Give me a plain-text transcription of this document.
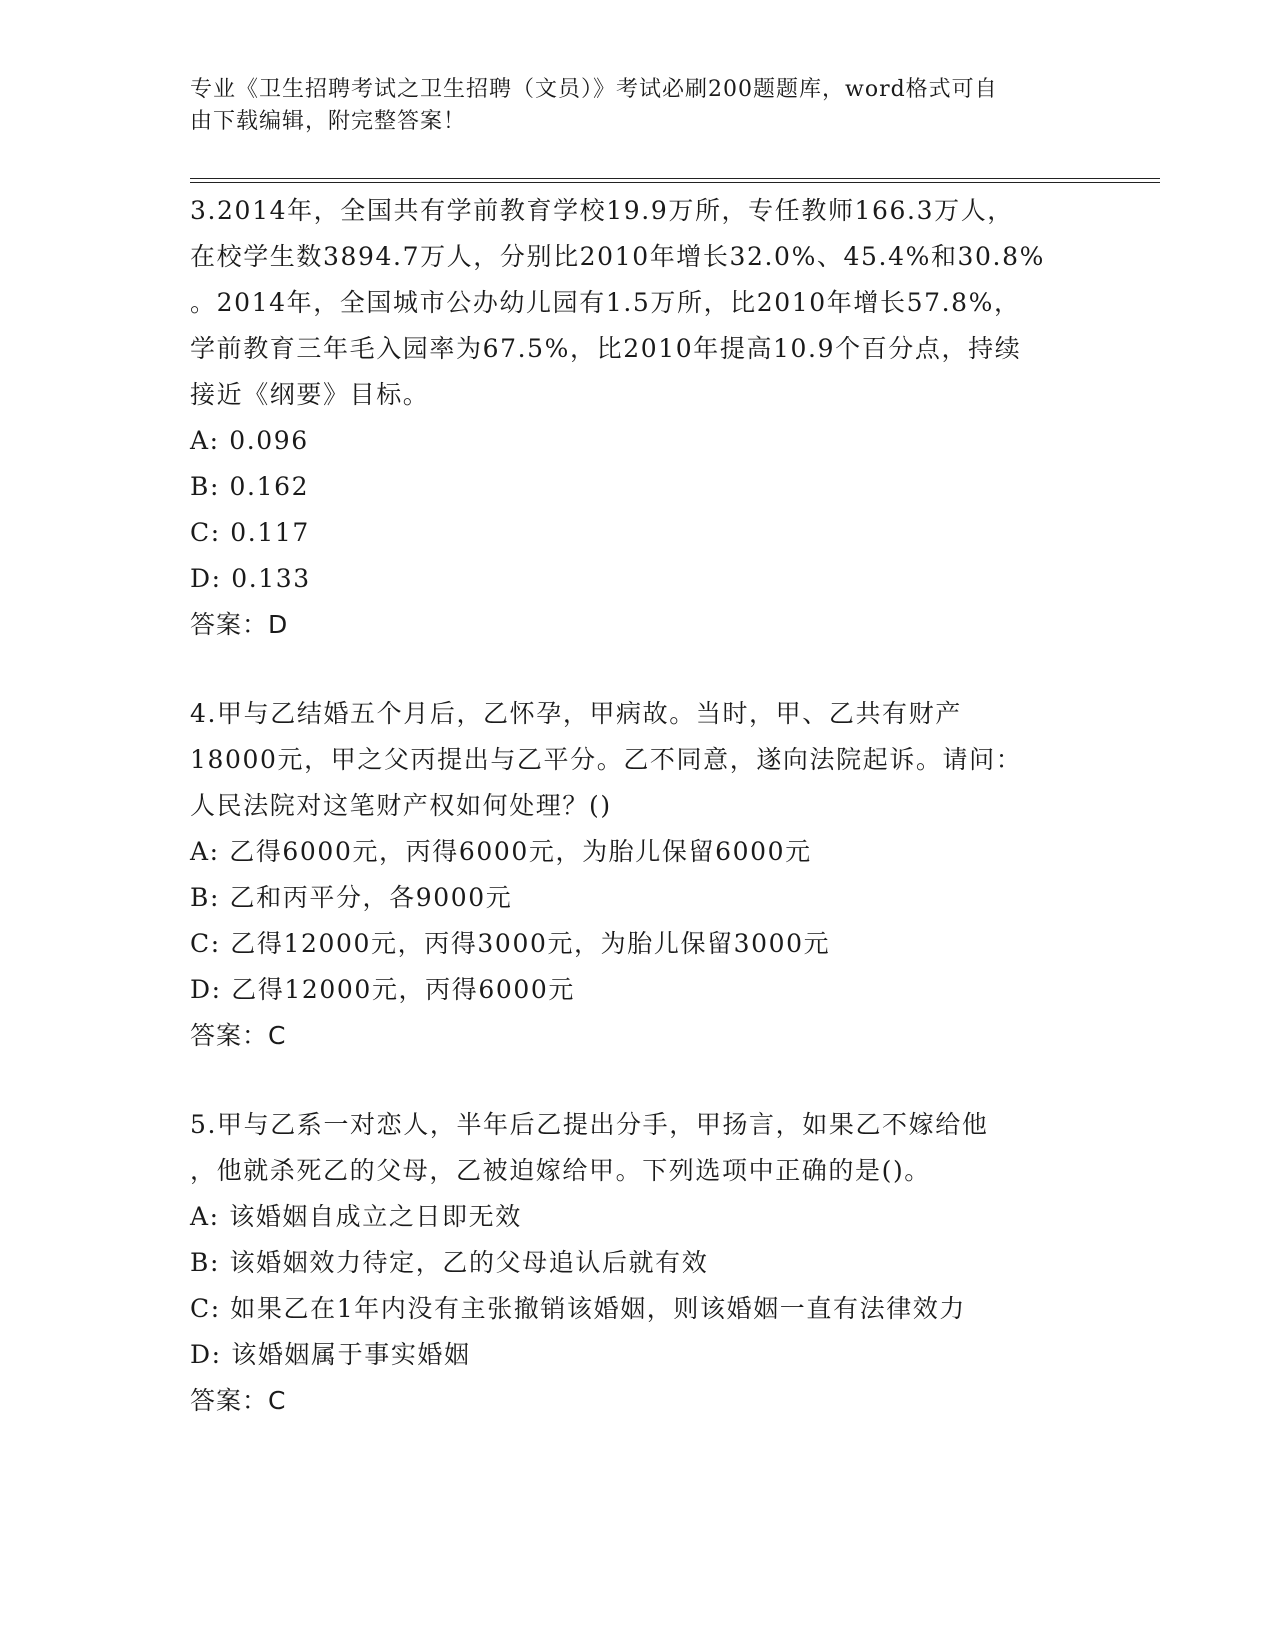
专业《卫生招聘考试之卫生招聘（文员）》考试必刷200题题库，word格式可自
由下载编辑，附完整答案！
3.2014年，全国共有学前教育学校19.9万所，专任教师166.3万人，
在校学生数3894.7万人，分别比2010年增长32.0%、45.4%和30.8%
。2014年，全国城市公办幼儿园有1.5万所，比2010年增长57.8%，
学前教育三年毛入园率为67.5%，比2010年提高10.9个百分点，持续
接近《纲要》目标。
A: 0.096
B: 0.162
C: 0.117
D: 0.133
答案：D
4.甲与乙结婚五个月后，乙怀孕，甲病故。当时，甲、乙共有财产
18000元，甲之父丙提出与乙平分。乙不同意，遂向法院起诉。请问：
人民法院对这笔财产权如何处理？()
A: 乙得6000元，丙得6000元，为胎儿保留6000元
B: 乙和丙平分，各9000元
C: 乙得12000元，丙得3000元，为胎儿保留3000元
D: 乙得12000元，丙得6000元
答案：C
5.甲与乙系一对恋人，半年后乙提出分手，甲扬言，如果乙不嫁给他
，他就杀死乙的父母，乙被迫嫁给甲。下列选项中正确的是()。
A: 该婚姻自成立之日即无效
B: 该婚姻效力待定，乙的父母追认后就有效
C: 如果乙在1年内没有主张撤销该婚姻，则该婚姻一直有法律效力
D: 该婚姻属于事实婚姻
答案：C
